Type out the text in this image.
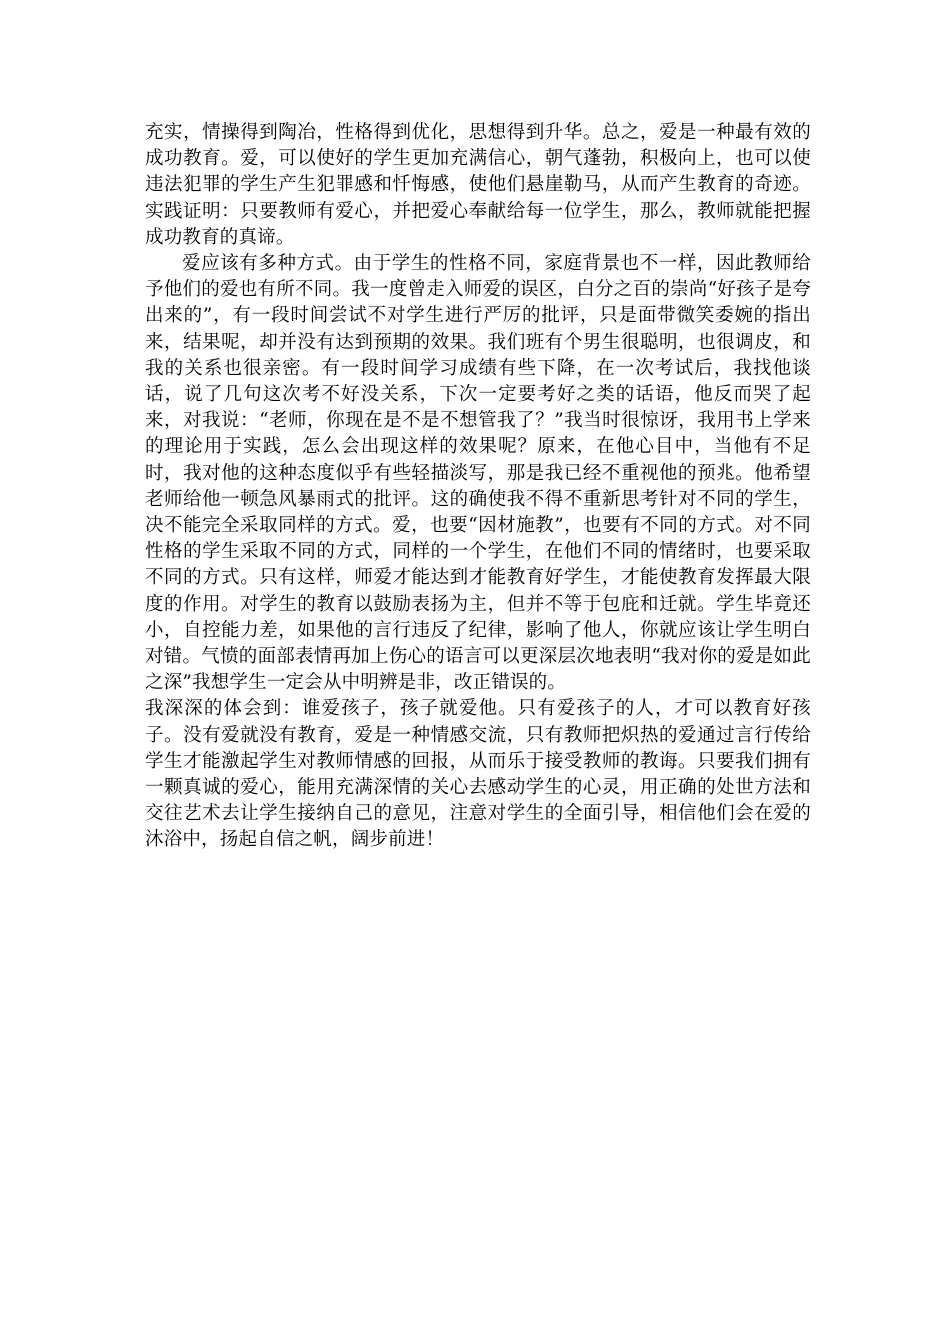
充实，情操得到陶冶，性格得到优化，思想得到升华。总之，爱是一种最有效的成功教育。爱，可以使好的学生更加充满信心，朝气蓬勃，积极向上，也可以使违法犯罪的学生产生犯罪感和忏悔感，使他们悬崖勒马，从而产生教育的奇迹。实践证明：只要教师有爱心，并把爱心奉献给每一位学生，那么，教师就能把握成功教育的真谛。

爱应该有多种方式。由于学生的性格不同，家庭背景也不一样，因此教师给予他们的爱也有所不同。我一度曾走入师爱的误区，白分之百的崇尚“好孩子是夸出来的”，有一段时间尝试不对学生进行严厉的批评，只是面带微笑委婉的指出来，结果呢，却并没有达到预期的效果。我们班有个男生很聪明，也很调皮，和我的关系也很亲密。有一段时间学习成绩有些下降，在一次考试后，我找他谈话，说了几句这次考不好没关系，下次一定要考好之类的话语，他反而哭了起来，对我说：“老师，你现在是不是不想管我了？”我当时很惊讶，我用书上学来的理论用于实践，怎么会出现这样的效果呢？原来，在他心目中，当他有不足时，我对他的这种态度似乎有些轻描淡写，那是我已经不重视他的预兆。他希望老师给他一顿急风暴雨式的批评。这的确使我不得不重新思考针对不同的学生，决不能完全采取同样的方式。爱，也要“因材施教”，也要有不同的方式。对不同性格的学生采取不同的方式，同样的一个学生，在他们不同的情绪时，也要采取不同的方式。只有这样，师爱才能达到才能教育好学生，才能使教育发挥最大限度的作用。对学生的教育以鼓励表扬为主，但并不等于包庇和迁就。学生毕竟还小，自控能力差，如果他的言行违反了纪律，影响了他人，你就应该让学生明白对错。气愤的面部表情再加上伤心的语言可以更深层次地表明“我对你的爱是如此之深”我想学生一定会从中明辨是非，改正错误的。

我深深的体会到：谁爱孩子，孩子就爱他。只有爱孩子的人，才可以教育好孩子。没有爱就没有教育，爱是一种情感交流，只有教师把炽热的爱通过言行传给学生才能激起学生对教师情感的回报，从而乐于接受教师的教诲。只要我们拥有一颗真诚的爱心，能用充满深情的关心去感动学生的心灵，用正确的处世方法和交往艺术去让学生接纳自己的意见，注意对学生的全面引导，相信他们会在爱的沐浴中，扬起自信之帆，阔步前进！
